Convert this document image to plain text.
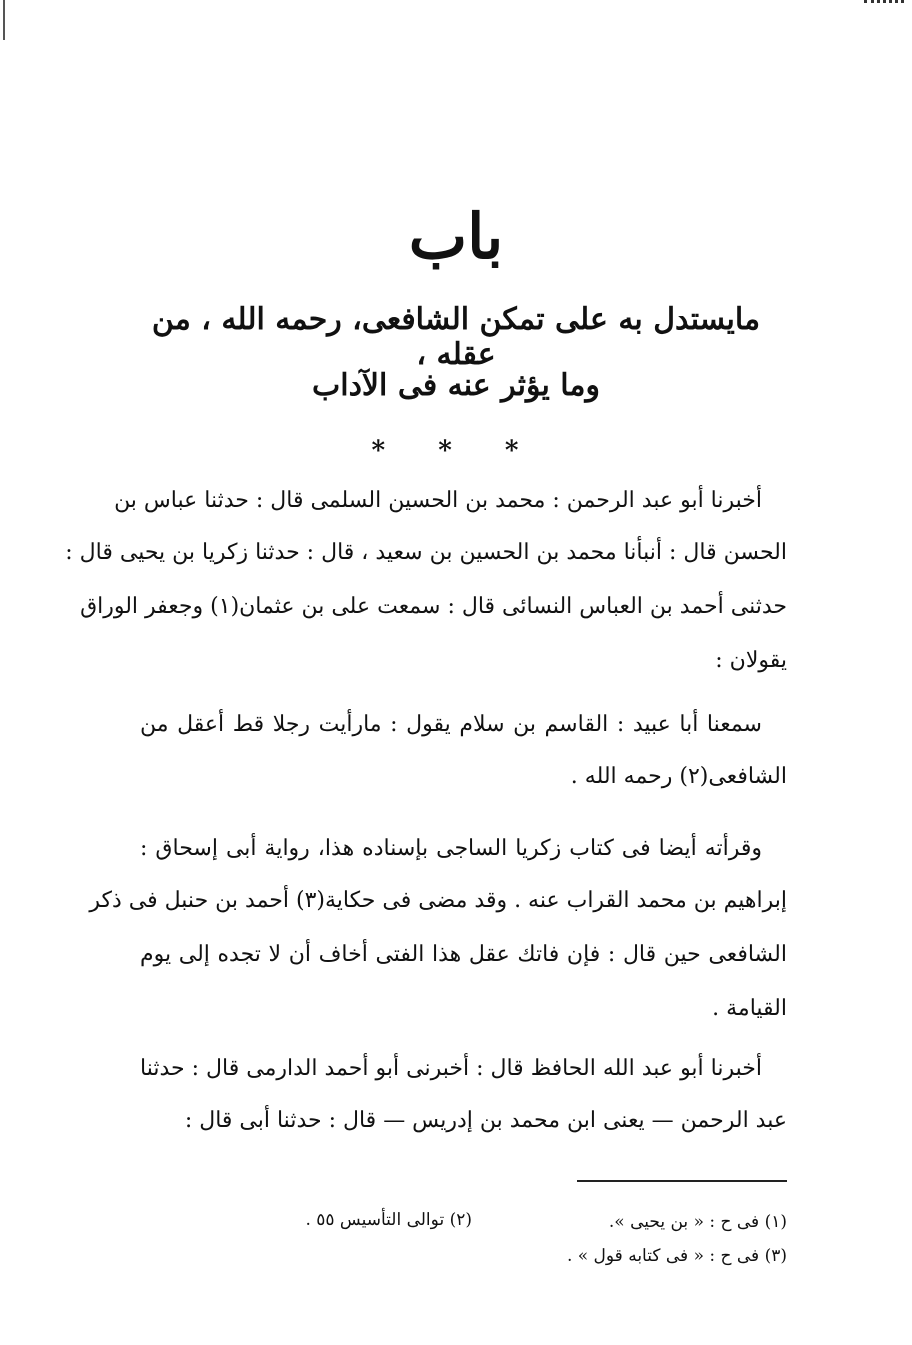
باب
مايستدل به على تمكن الشافعى، رحمه الله ، من عقله ،
وما يؤثر عنه فى الآداب
* * *
أخبرنا أبو عبد الرحمن : محمد بن الحسين السلمى قال : حدثنا عباس بن
الحسن قال : أنبأنا محمد بن الحسين بن سعيد ، قال : حدثنا زكريا بن يحيى قال :
حدثنى أحمد بن العباس النسائى قال : سمعت على بن عثمان(١) وجعفر الوراق
يقولان :
سمعنا أبا عبيد : القاسم بن سلام يقول : مارأيت رجلا قط أعقل من
الشافعى(٢) رحمه الله .
وقرأته أيضا فى كتاب زكريا الساجى بإسناده هذا، رواية أبى إسحاق :
إبراهيم بن محمد القراب عنه . وقد مضى فى حكاية(٣) أحمد بن حنبل فى ذكر
الشافعى حين قال : فإن فاتك عقل هذا الفتى أخاف أن لا تجده إلى يوم
القيامة .
أخبرنا أبو عبد الله الحافظ قال : أخبرنى أبو أحمد الدارمى قال : حدثنا
عبد الرحمن — يعنى ابن محمد بن إدريس — قال : حدثنا أبى قال :
(١) فى ح : « بن يحيى ».
(٢) توالى التأسيس ٥٥ .
(٣) فى ح : « فى كتابه قول » .
